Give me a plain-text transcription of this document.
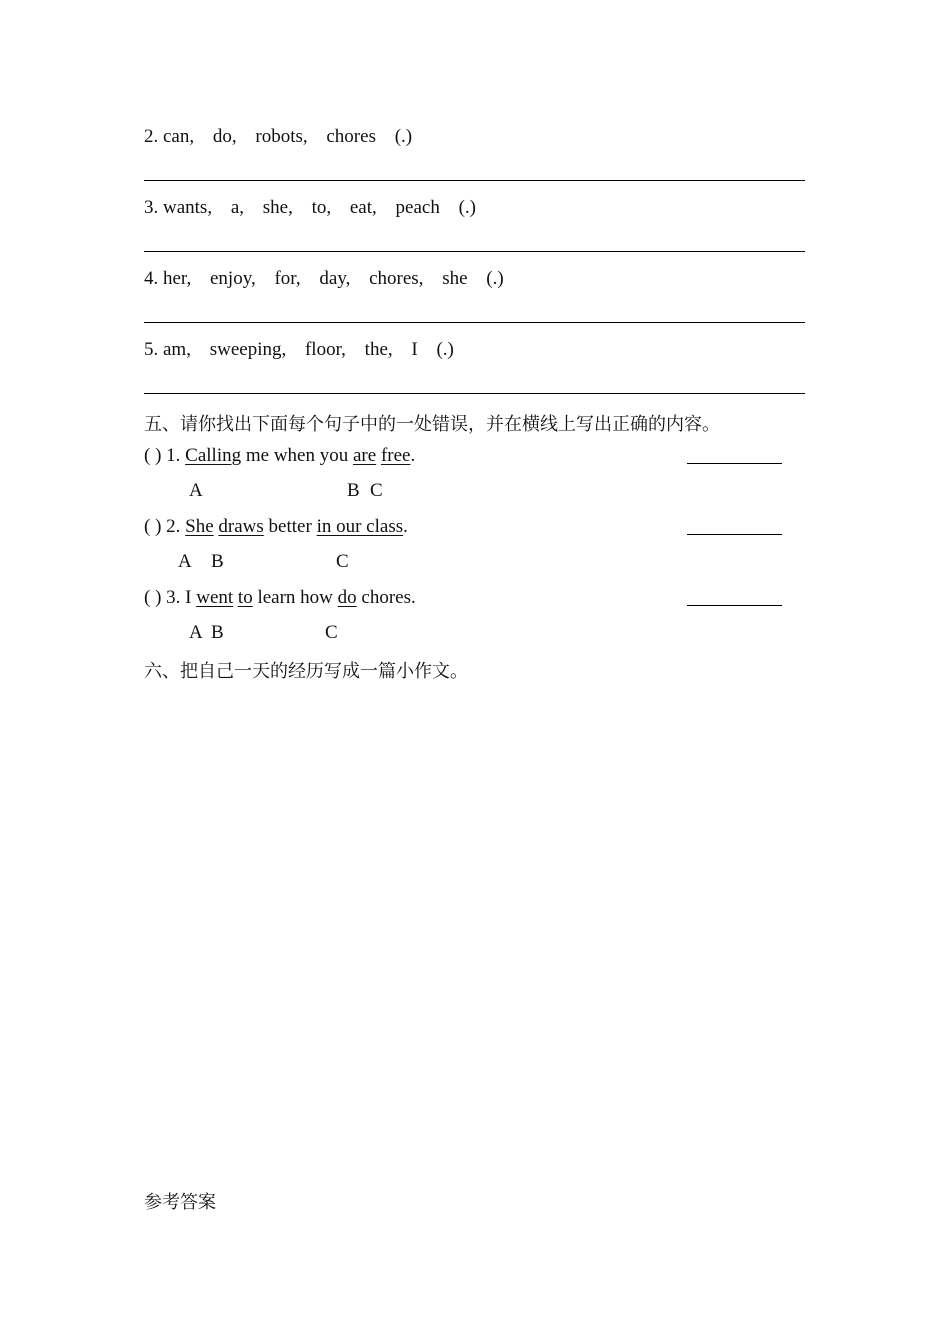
2. can, do, robots, chores (.)
3. wants, a, she, to, eat, peach (.)
4. her, enjoy, for, day, chores, she (.)
5. am, sweeping, floor, the, I (.)
五、请你找出下面每个句子中的一处错误，并在横线上写出正确的内容。
( ) 1. Calling me when you are free.
A	B C
( ) 2. She draws better in our class.
A B	C
( ) 3. I went to learn how do chores.
A B	C
六、把自己一天的经历写成一篇小作文。
参考答案
